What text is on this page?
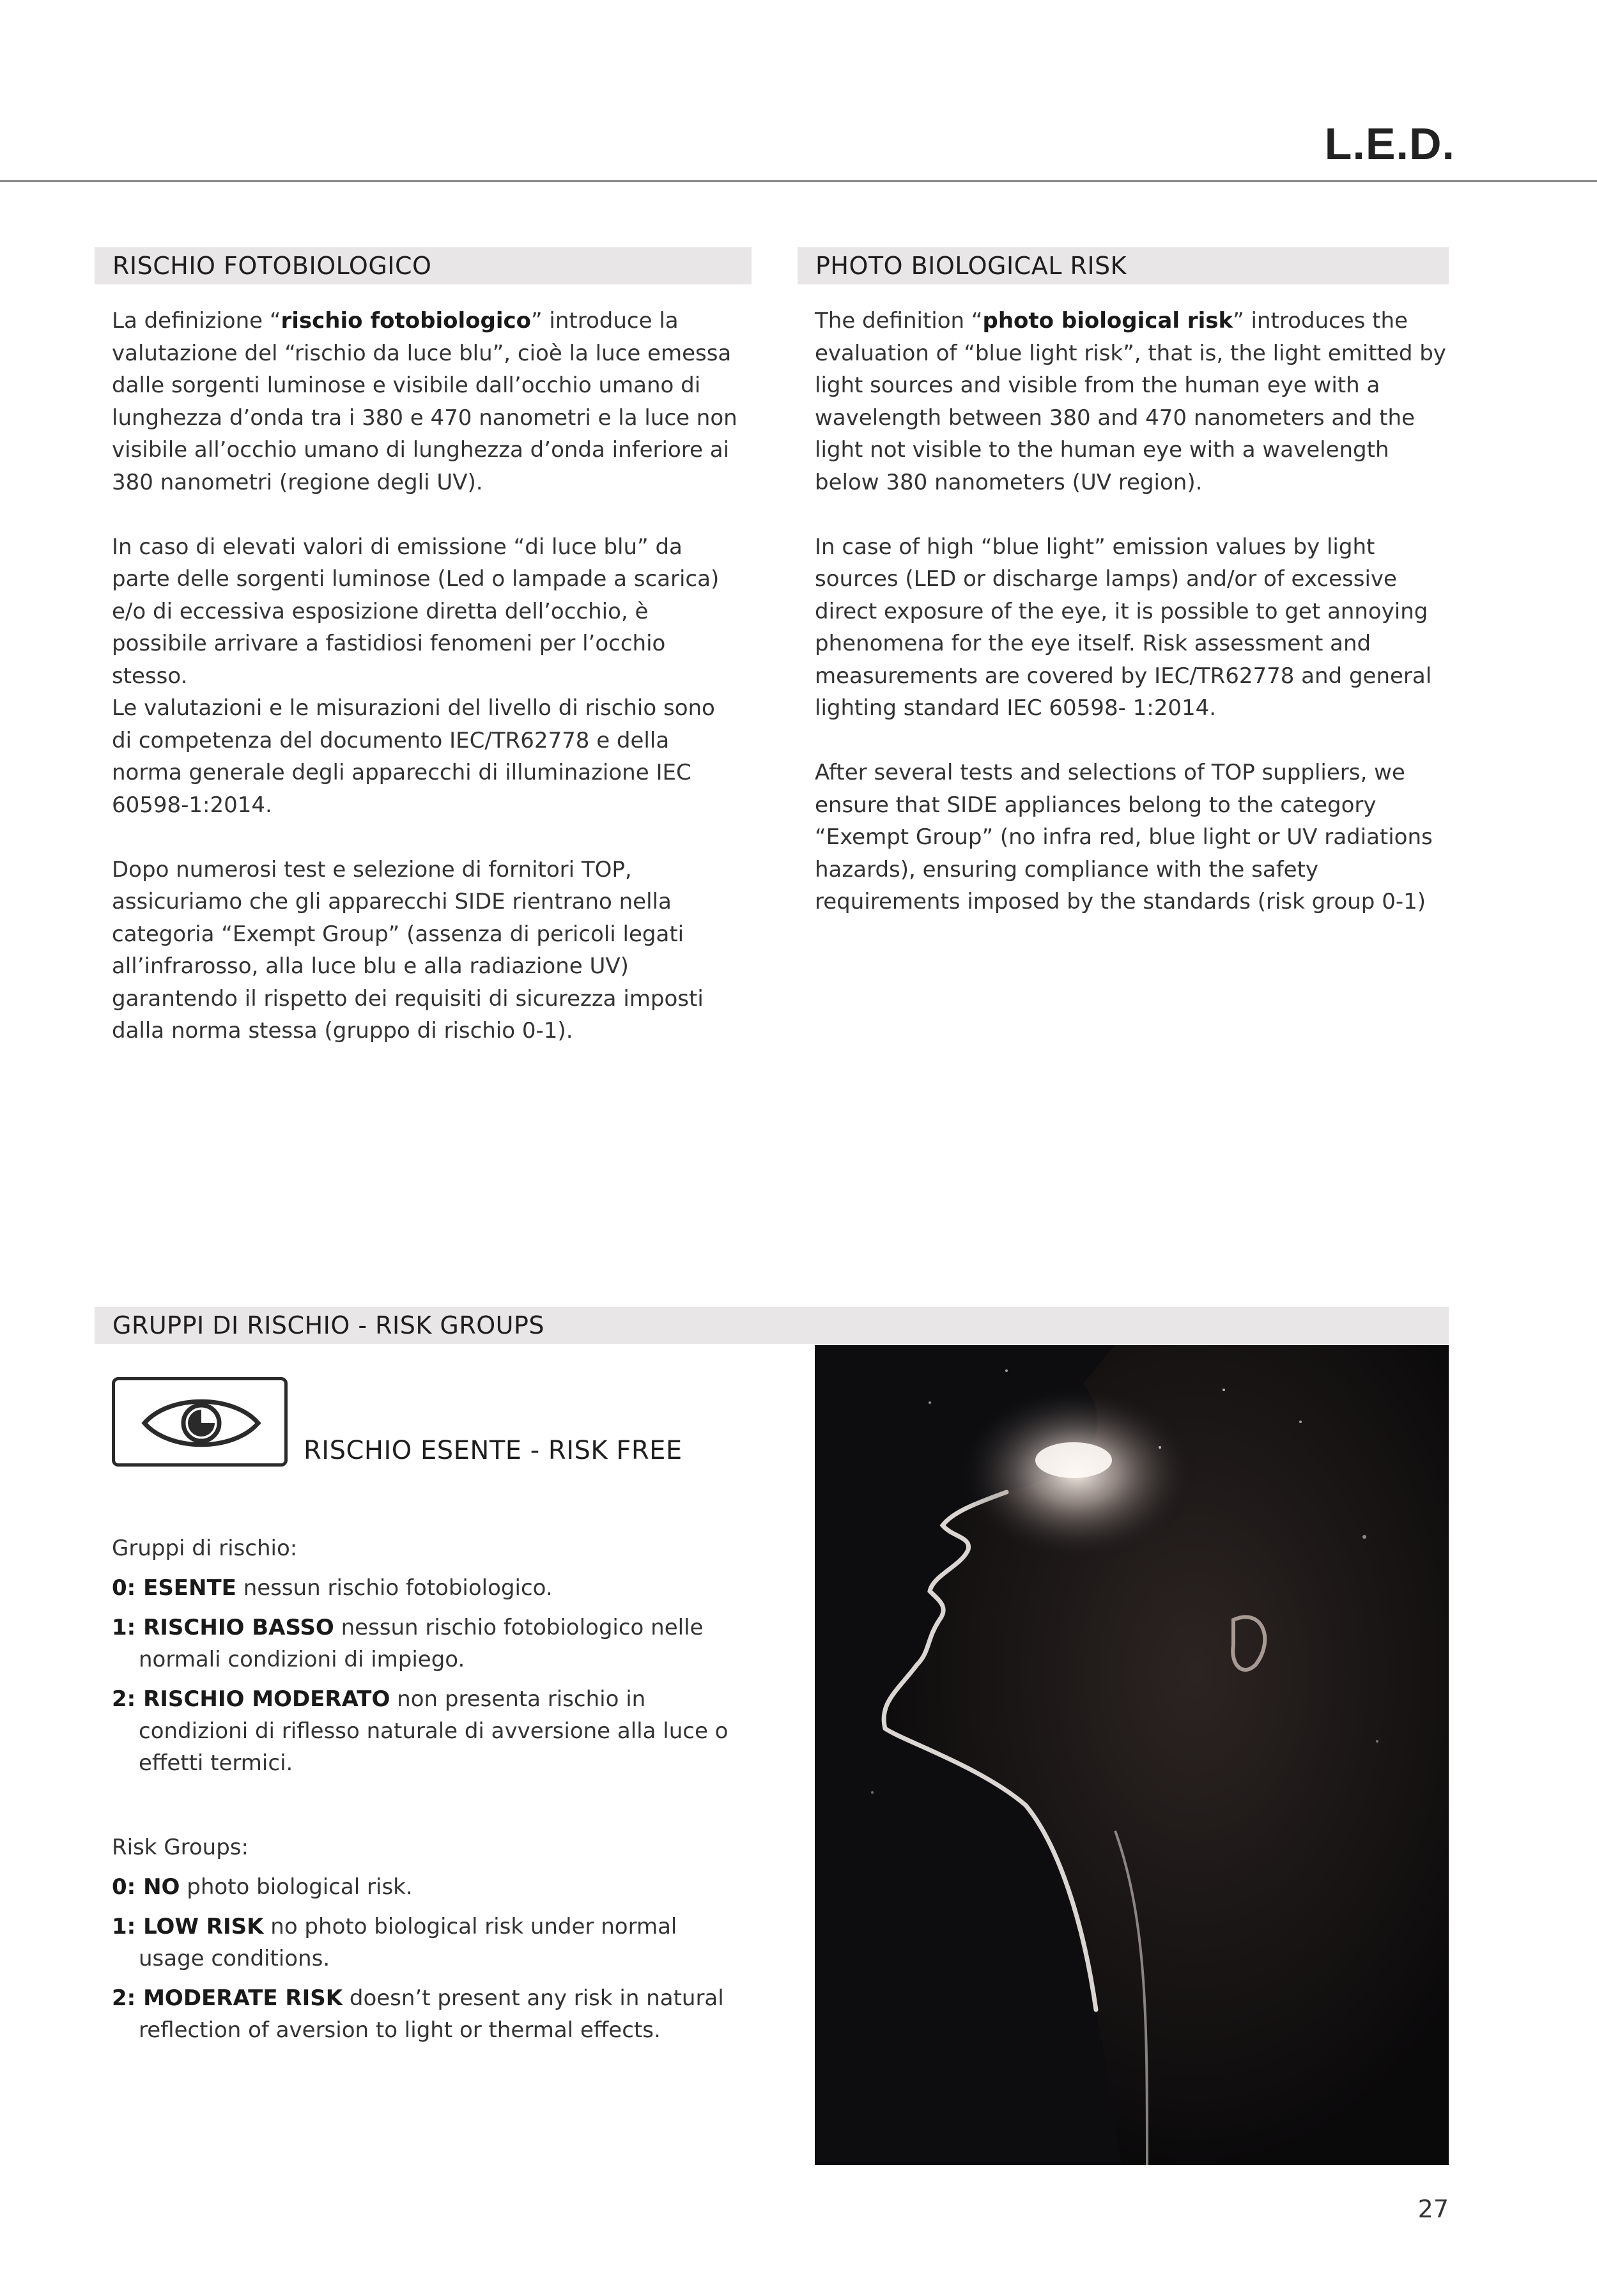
L.E.D.
RISCHIO FOTOBIOLOGICO

La definizione “rischio fotobiologico” introduce la valutazione del “rischio da luce blu”, cioè la luce emessa dalle sorgenti luminose e visibile dall’occhio umano di lunghezza d’onda tra i 380 e 470 nanometri e la luce non visibile all’occhio umano di lunghezza d’onda inferiore ai 380 nanometri (regione degli UV).

In caso di elevati valori di emissione “di luce blu” da parte delle sorgenti luminose (Led o lampade a scarica) e/o di eccessiva esposizione diretta dell’occhio, è possibile arrivare a fastidiosi fenomeni per l’occhio stesso.
Le valutazioni e le misurazioni del livello di rischio sono di competenza del documento IEC/TR62778 e della norma generale degli apparecchi di illuminazione IEC 60598-1:2014.

Dopo numerosi test e selezione di fornitori TOP, assicuriamo che gli apparecchi SIDE rientrano nella categoria “Exempt Group” (assenza di pericoli legati all’infrarosso, alla luce blu e alla radiazione UV) garantendo il rispetto dei requisiti di sicurezza imposti dalla norma stessa (gruppo di rischio 0-1).

PHOTO BIOLOGICAL RISK

The definition “photo biological risk” introduces the evaluation of “blue light risk”, that is, the light emitted by light sources and visible from the human eye with a wavelength between 380 and 470 nanometers and the light not visible to the human eye with a wavelength below 380 nanometers (UV region).

In case of high “blue light” emission values by light sources (LED or discharge lamps) and/or of excessive direct exposure of the eye, it is possible to get annoying phenomena for the eye itself. Risk assessment and measurements are covered by IEC/TR62778 and general lighting standard IEC 60598- 1:2014.

After several tests and selections of TOP suppliers, we ensure that SIDE appliances belong to the category “Exempt Group” (no infra red, blue light or UV radiations hazards), ensuring compliance with the safety requirements imposed by the standards (risk group 0-1)

GRUPPI DI RISCHIO - RISK GROUPS
RISCHIO ESENTE - RISK FREE

Gruppi di rischio:

0: ESENTE nessun rischio fotobiologico.
1: RISCHIO BASSO nessun rischio fotobiologico nelle normali condizioni di impiego.
2: RISCHIO MODERATO non presenta rischio in condizioni di riflesso naturale di avversione alla luce o effetti termici.

Risk Groups:

0: NO photo biological risk.
1: LOW RISK no photo biological risk under normal usage conditions.
2: MODERATE RISK doesn’t present any risk in natural reflection of aversion to light or thermal effects.
27
